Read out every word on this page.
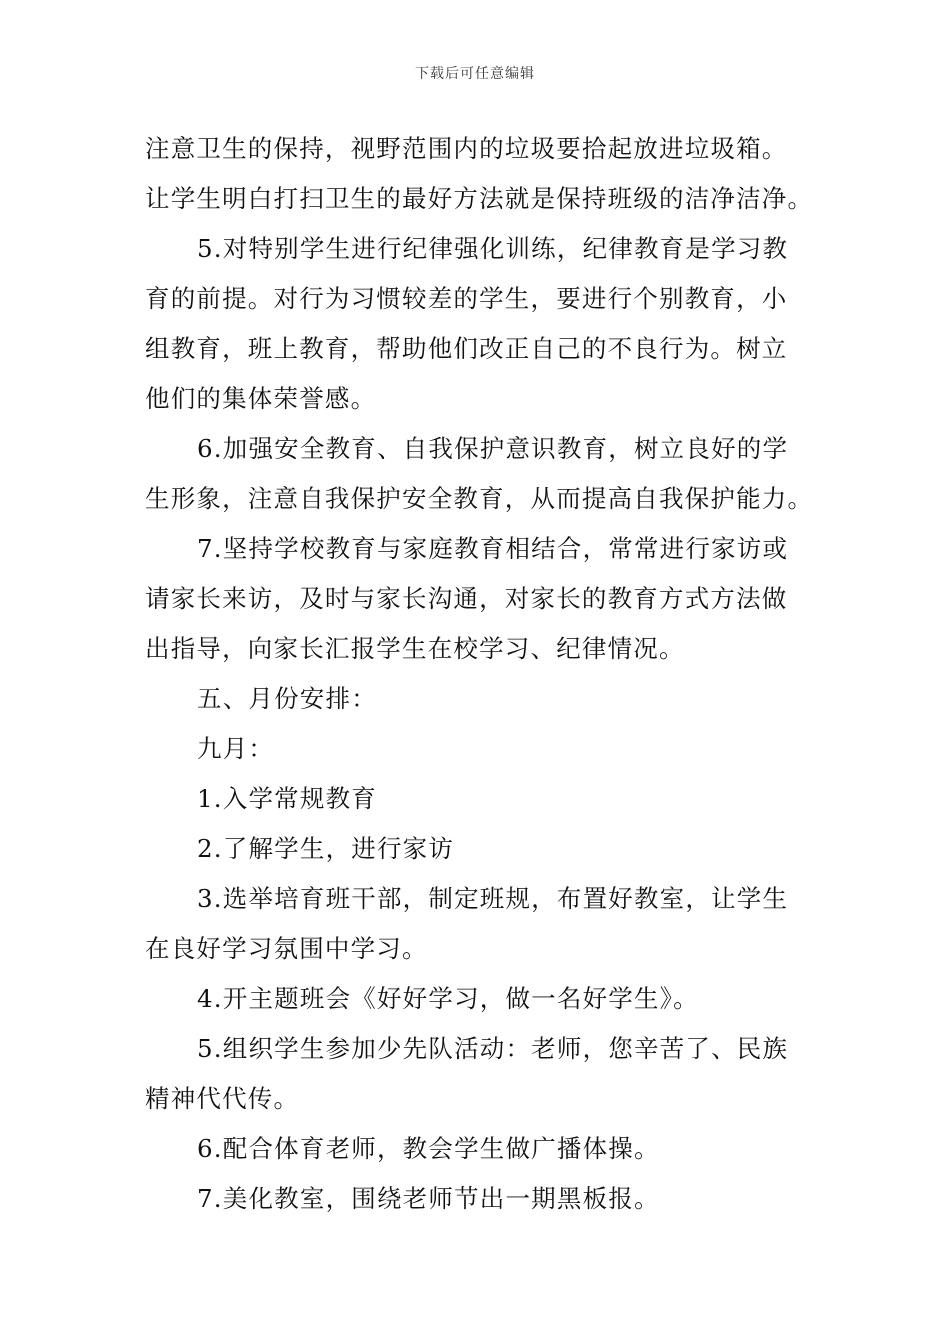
下载后可任意编辑

注意卫生的保持，视野范围内的垃圾要拾起放进垃圾箱。

让学生明白打扫卫生的最好方法就是保持班级的洁净洁净。

5.对特别学生进行纪律强化训练，纪律教育是学习教

育的前提。对行为习惯较差的学生，要进行个别教育，小

组教育，班上教育，帮助他们改正自己的不良行为。树立

他们的集体荣誉感。

6.加强安全教育、自我保护意识教育，树立良好的学

生形象，注意自我保护安全教育，从而提高自我保护能力。

7.坚持学校教育与家庭教育相结合，常常进行家访或

请家长来访，及时与家长沟通，对家长的教育方式方法做

出指导，向家长汇报学生在校学习、纪律情况。

五、月份安排：

九月：

1.入学常规教育

2.了解学生，进行家访

3.选举培育班干部，制定班规，布置好教室，让学生

在良好学习氛围中学习。

4.开主题班会《好好学习，做一名好学生》。

5.组织学生参加少先队活动：老师，您辛苦了、民族

精神代代传。

6.配合体育老师，教会学生做广播体操。

7.美化教室，围绕老师节出一期黑板报。
